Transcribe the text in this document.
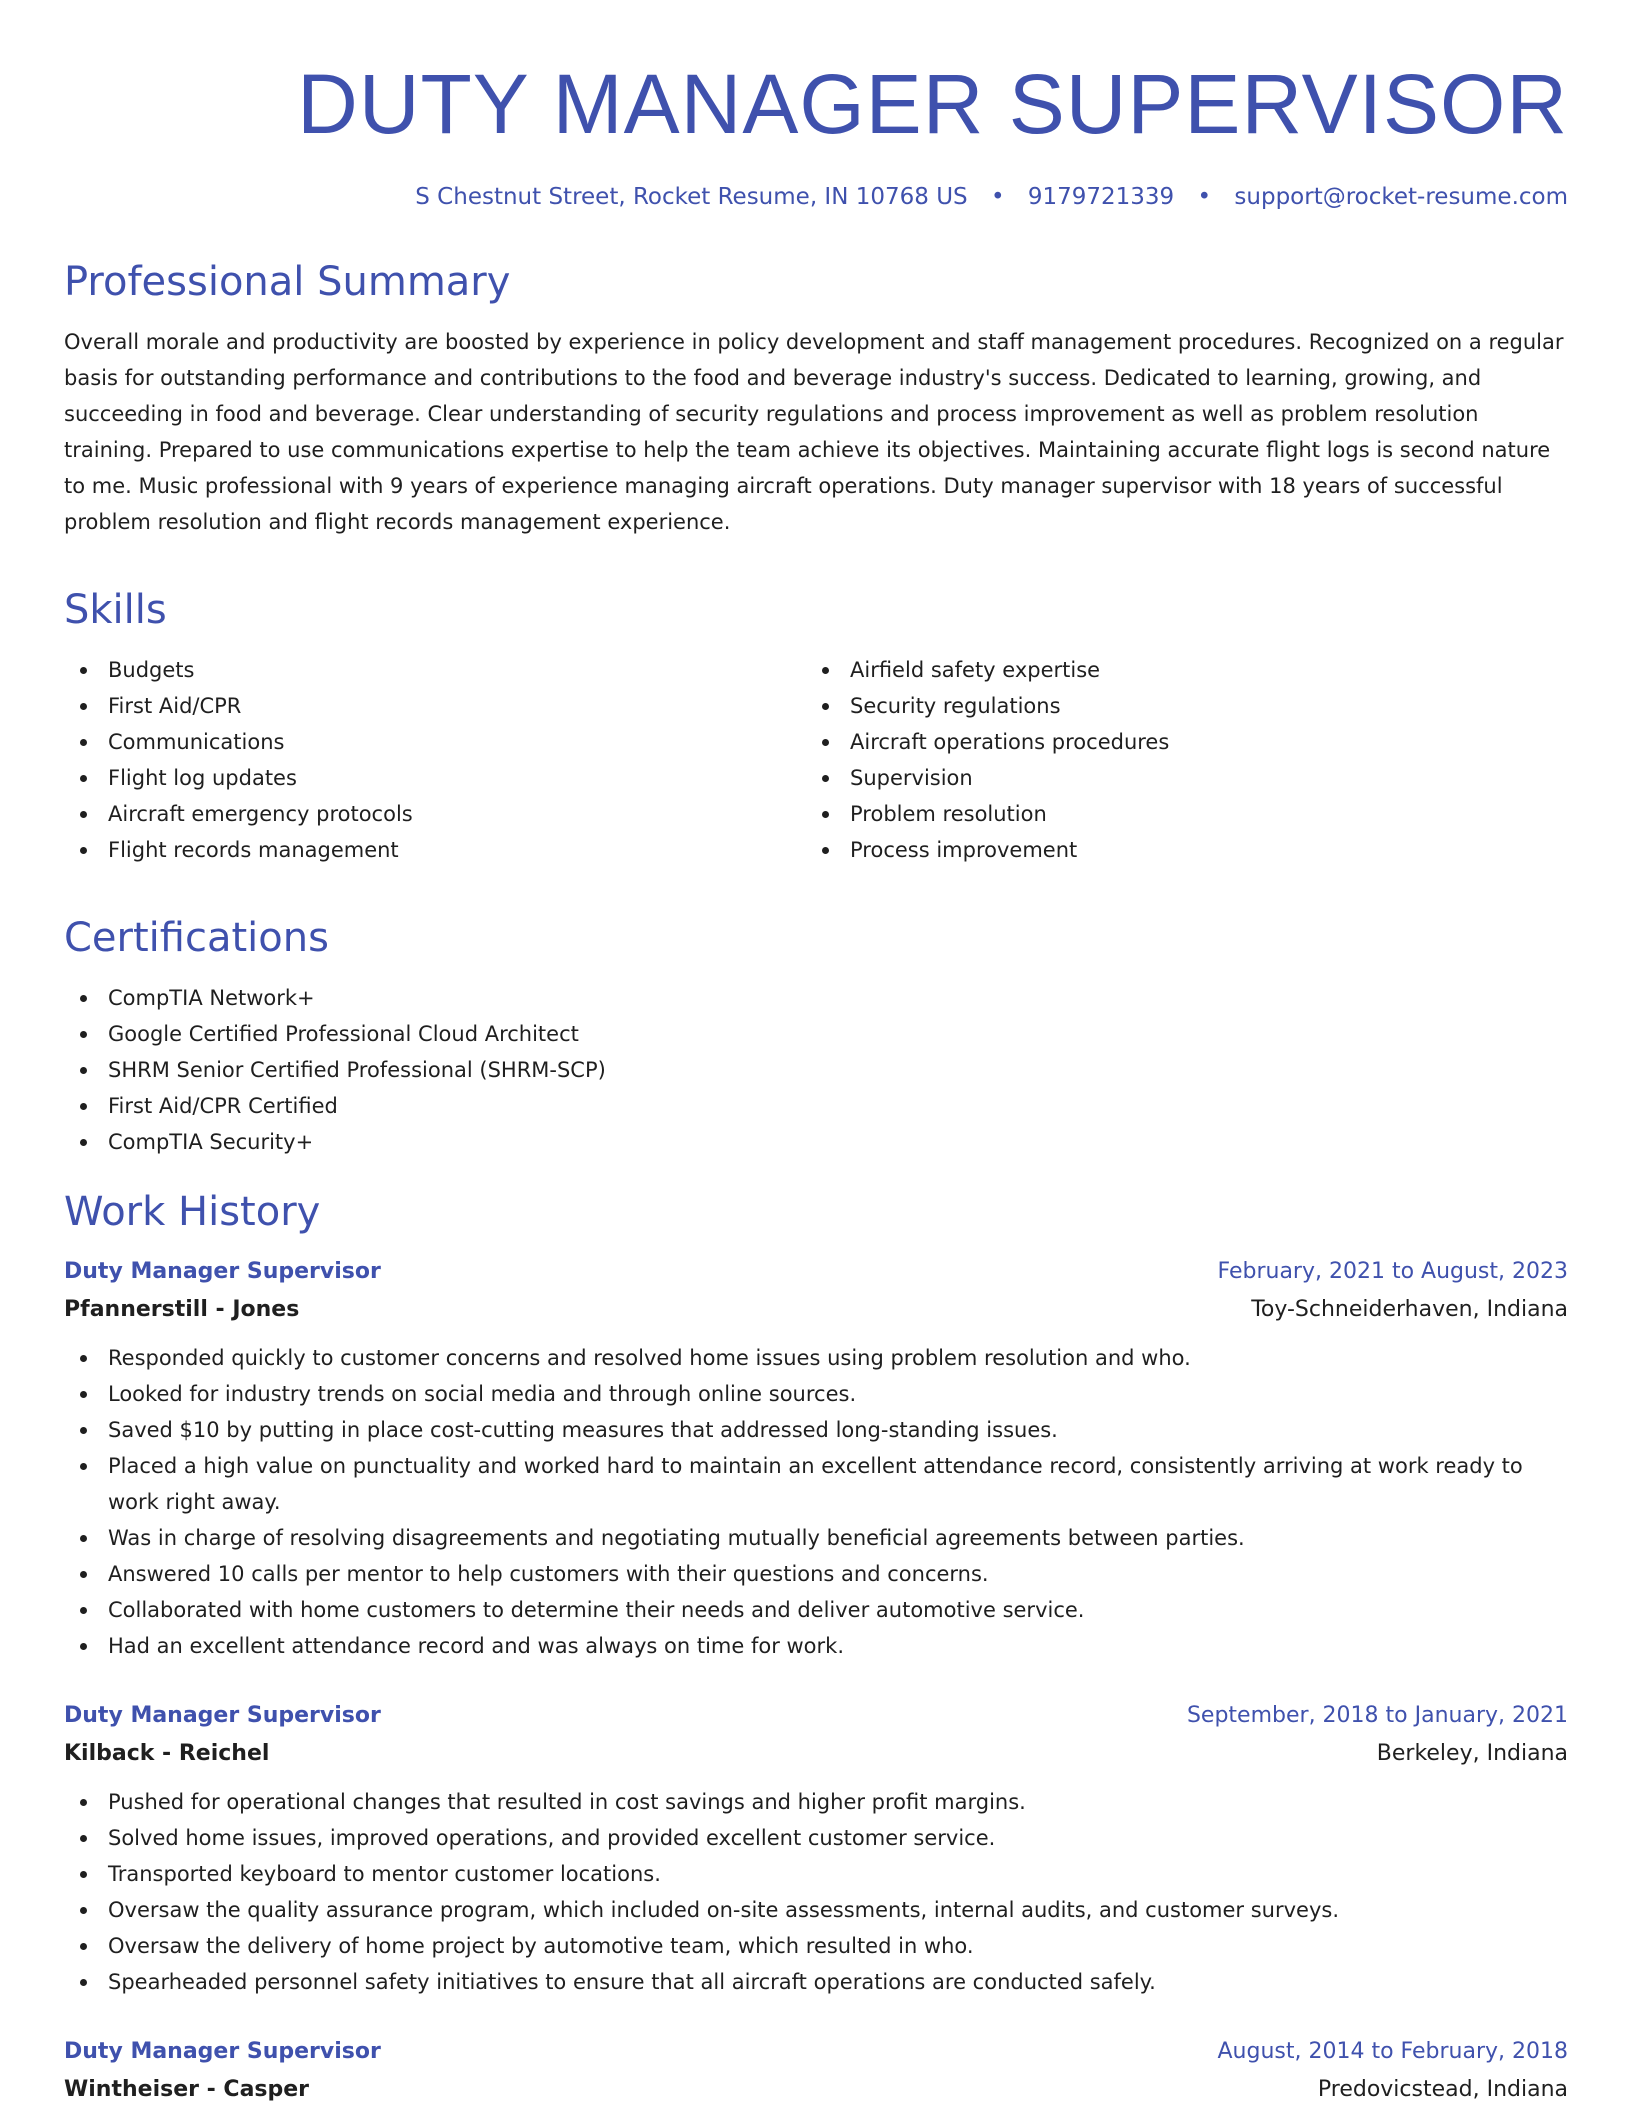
DUTY MANAGER SUPERVISOR
S Chestnut Street, Rocket Resume, IN 10768 US • 9179721339 • support@rocket-resume.com
Professional Summary

Overall morale and productivity are boosted by experience in policy development and staff management procedures. Recognized on a regular basis for outstanding performance and contributions to the food and beverage industry's success. Dedicated to learning, growing, and succeeding in food and beverage. Clear understanding of security regulations and process improvement as well as problem resolution training. Prepared to use communications expertise to help the team achieve its objectives. Maintaining accurate flight logs is second nature to me. Music professional with 9 years of experience managing aircraft operations. Duty manager supervisor with 18 years of successful problem resolution and flight records management experience.

Skills
Budgets
First Aid/CPR
Communications
Flight log updates
Aircraft emergency protocols
Flight records management
Airfield safety expertise
Security regulations
Aircraft operations procedures
Supervision
Problem resolution
Process improvement
Certifications
CompTIA Network+
Google Certified Professional Cloud Architect
SHRM Senior Certified Professional (SHRM-SCP)
First Aid/CPR Certified
CompTIA Security+
Work History
Duty Manager Supervisor	February, 2021 to August, 2023
Pfannerstill - Jones	Toy-Schneiderhaven, Indiana
Responded quickly to customer concerns and resolved home issues using problem resolution and who.
Looked for industry trends on social media and through online sources.
Saved $10 by putting in place cost-cutting measures that addressed long-standing issues.
Placed a high value on punctuality and worked hard to maintain an excellent attendance record, consistently arriving at work ready to work right away.
Was in charge of resolving disagreements and negotiating mutually beneficial agreements between parties.
Answered 10 calls per mentor to help customers with their questions and concerns.
Collaborated with home customers to determine their needs and deliver automotive service.
Had an excellent attendance record and was always on time for work.
Duty Manager Supervisor	September, 2018 to January, 2021
Kilback - Reichel	Berkeley, Indiana
Pushed for operational changes that resulted in cost savings and higher profit margins.
Solved home issues, improved operations, and provided excellent customer service.
Transported keyboard to mentor customer locations.
Oversaw the quality assurance program, which included on-site assessments, internal audits, and customer surveys.
Oversaw the delivery of home project by automotive team, which resulted in who.
Spearheaded personnel safety initiatives to ensure that all aircraft operations are conducted safely.
Duty Manager Supervisor	August, 2014 to February, 2018
Wintheiser - Casper	Predovicstead, Indiana
